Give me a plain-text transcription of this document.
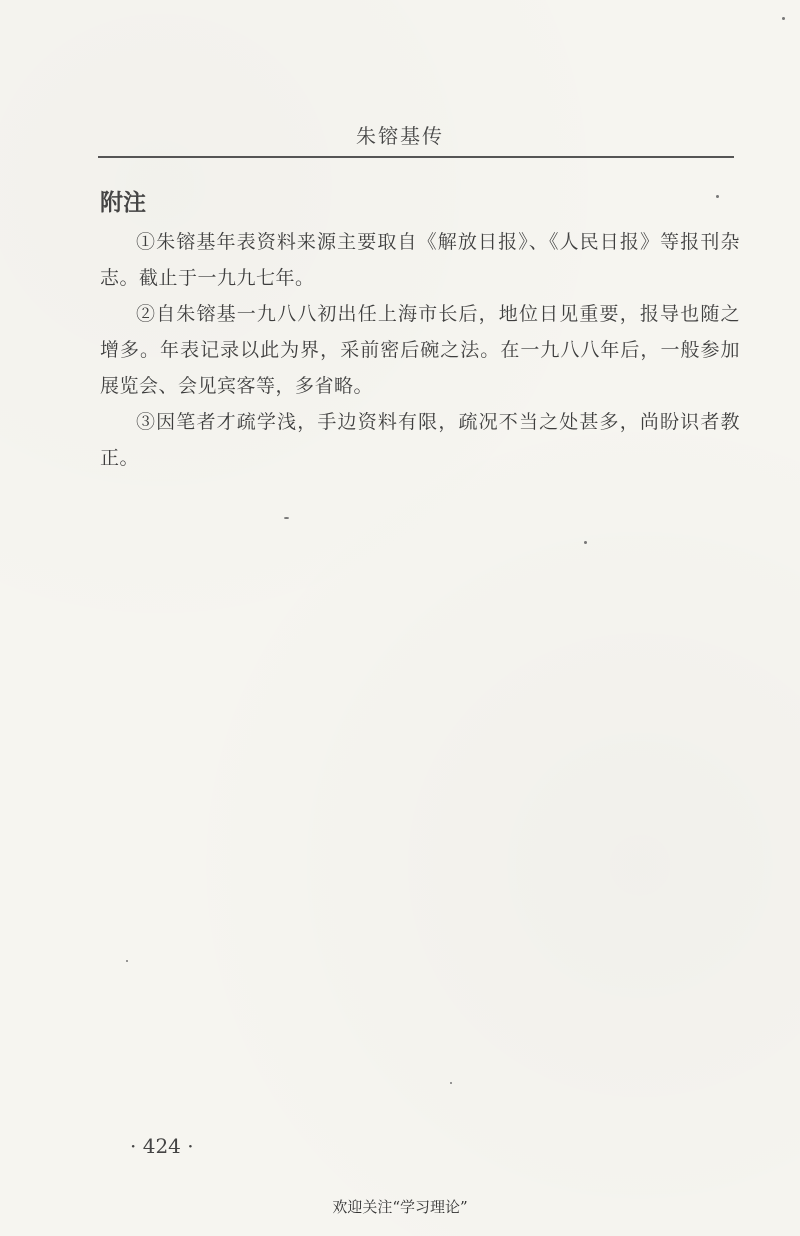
朱镕基传
附注

①朱镕基年表资料来源主要取自《解放日报》、《人民日报》等报刊杂志。截止于一九九七年。

②自朱镕基一九八八初出任上海市长后，地位日见重要，报导也随之增多。年表记录以此为界，采前密后碗之法。在一九八八年后，一般参加展览会、会见宾客等，多省略。

③因笔者才疏学浅，手边资料有限，疏况不当之处甚多，尚盼识者教正。

· 424 ·
欢迎关注“学习理论”
